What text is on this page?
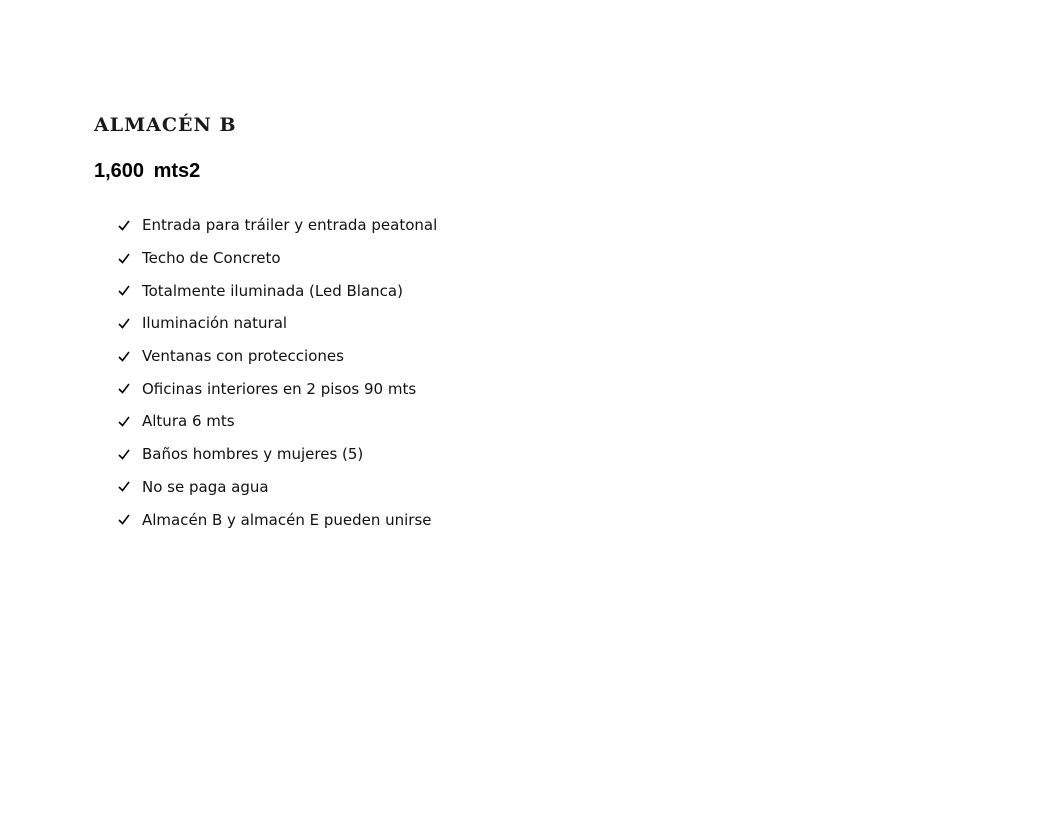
ALMACÉN B
1,600 mts2
Entrada para tráiler y entrada peatonal
Techo de Concreto
Totalmente iluminada (Led Blanca)
Iluminación natural
Ventanas con protecciones
Oficinas interiores en 2 pisos 90 mts
Altura 6 mts
Baños hombres y mujeres (5)
No se paga agua
Almacén B y almacén E pueden unirse
